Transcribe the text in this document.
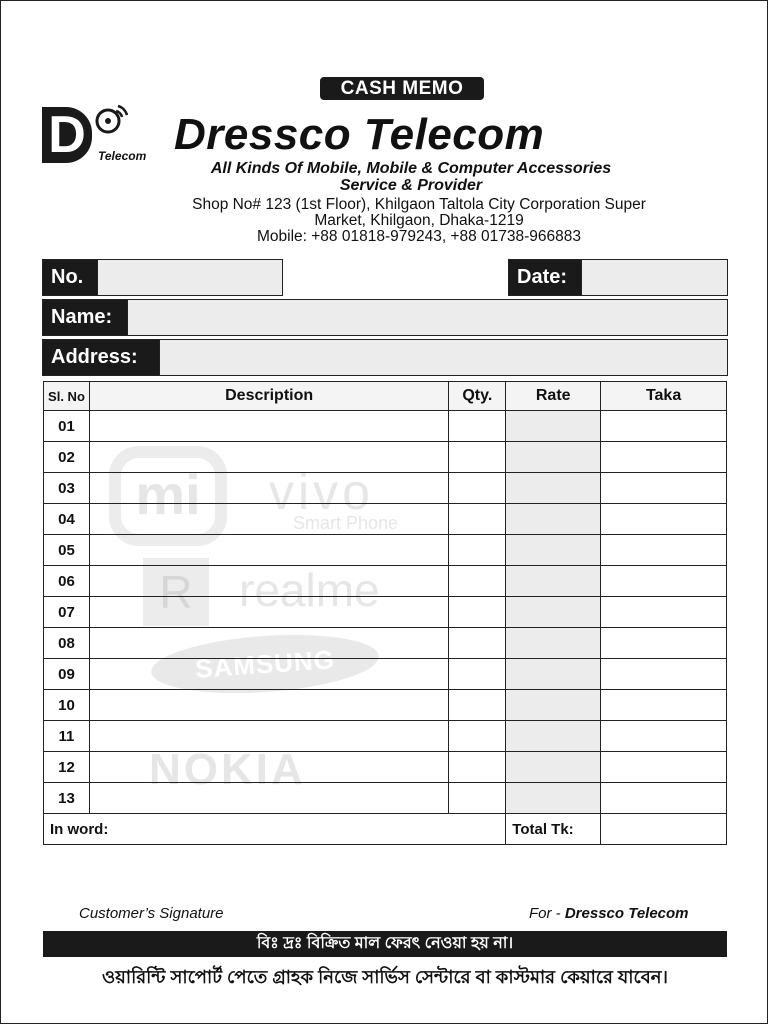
CASH MEMO
D	Telecom Dressco Telecom
All Kinds Of Mobile, Mobile & Computer Accessories
Service & Provider
Shop No# 123 (1st Floor), Khilgaon Taltola City Corporation Super
Market, Khilgaon, Dhaka-1219
Mobile: +88 01818-979243, +88 01738-966883
No.	Date:
Name:
Address:
mi	vivo
Smart Phone
R	realme
SAMSUNG
NOKIA
Sl. No	Description	Qty.	Rate	Taka
01				
02				
03				
04				
05				
06				
07				
08				
09				
10				
11				
12				
13				
In word:			Total Tk:	
Customer’s Signature	For - Dressco Telecom
বিঃ দ্রঃ বিক্রিত মাল ফেরৎ নেওয়া হয় না।
ওয়ারিন্টি সাপোর্ট পেতে গ্রাহক নিজে সার্ভিস সেন্টারে বা কাস্টমার কেয়ারে যাবেন।
